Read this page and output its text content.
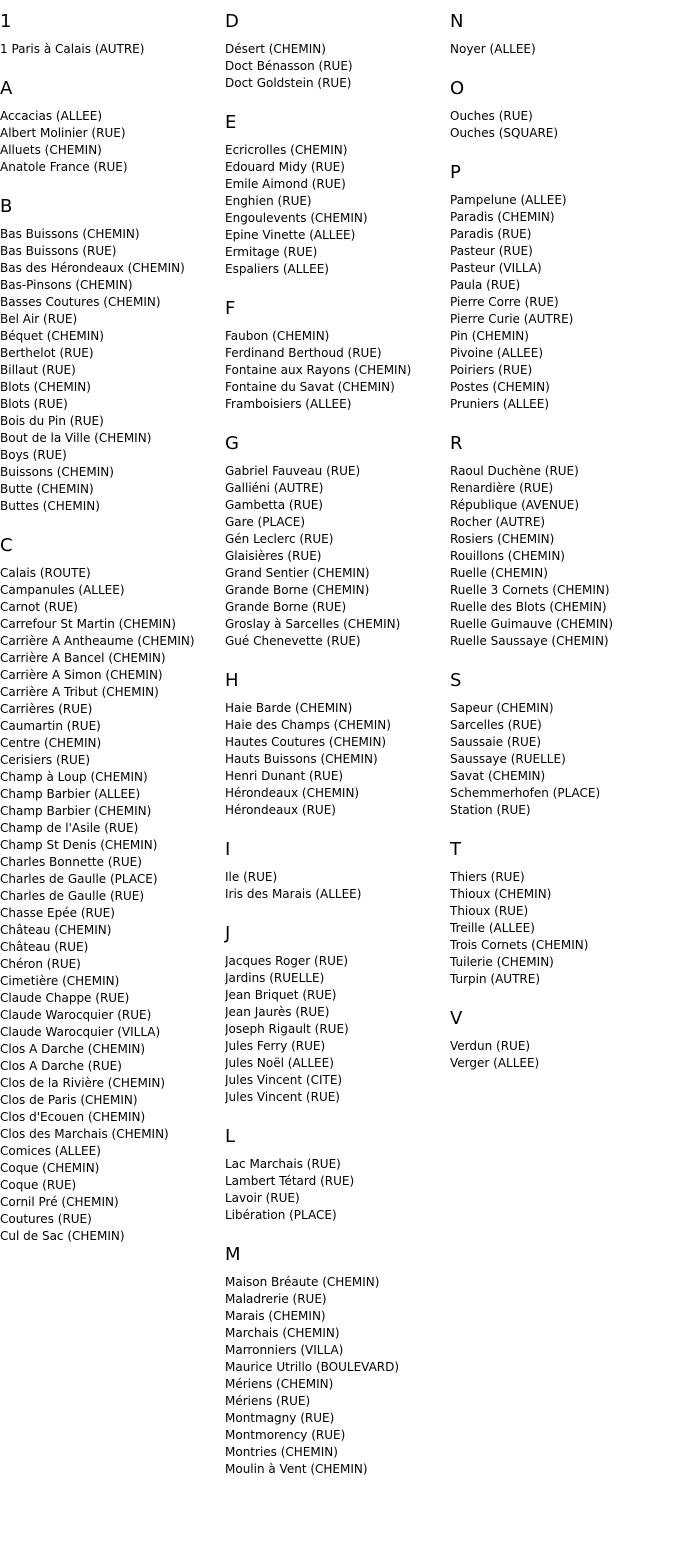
1
1 Paris à Calais (AUTRE)
A
Accacias (ALLEE)
Albert Molinier (RUE)
Alluets (CHEMIN)
Anatole France (RUE)
B
Bas Buissons (CHEMIN)
Bas Buissons (RUE)
Bas des Hérondeaux (CHEMIN)
Bas-Pinsons (CHEMIN)
Basses Coutures (CHEMIN)
Bel Air (RUE)
Béquet (CHEMIN)
Berthelot (RUE)
Billaut (RUE)
Blots (CHEMIN)
Blots (RUE)
Bois du Pin (RUE)
Bout de la Ville (CHEMIN)
Boys (RUE)
Buissons (CHEMIN)
Butte (CHEMIN)
Buttes (CHEMIN)
C
Calais (ROUTE)
Campanules (ALLEE)
Carnot (RUE)
Carrefour St Martin (CHEMIN)
Carrière A Antheaume (CHEMIN)
Carrière A Bancel (CHEMIN)
Carrière A Simon (CHEMIN)
Carrière A Tribut (CHEMIN)
Carrières (RUE)
Caumartin (RUE)
Centre (CHEMIN)
Cerisiers (RUE)
Champ à Loup (CHEMIN)
Champ Barbier (ALLEE)
Champ Barbier (CHEMIN)
Champ de l'Asile (RUE)
Champ St Denis (CHEMIN)
Charles Bonnette (RUE)
Charles de Gaulle (PLACE)
Charles de Gaulle (RUE)
Chasse Epée (RUE)
Château (CHEMIN)
Château (RUE)
Chéron (RUE)
Cimetière (CHEMIN)
Claude Chappe (RUE)
Claude Warocquier (RUE)
Claude Warocquier (VILLA)
Clos A Darche (CHEMIN)
Clos A Darche (RUE)
Clos de la Rivière (CHEMIN)
Clos de Paris (CHEMIN)
Clos d'Ecouen (CHEMIN)
Clos des Marchais (CHEMIN)
Comices (ALLEE)
Coque (CHEMIN)
Coque (RUE)
Cornil Pré (CHEMIN)
Coutures (RUE)
Cul de Sac (CHEMIN)
D
Désert (CHEMIN)
Doct Bénasson (RUE)
Doct Goldstein (RUE)
E
Ecricrolles (CHEMIN)
Edouard Midy (RUE)
Emile Aimond (RUE)
Enghien (RUE)
Engoulevents (CHEMIN)
Epine Vinette (ALLEE)
Ermitage (RUE)
Espaliers (ALLEE)
F
Faubon (CHEMIN)
Ferdinand Berthoud (RUE)
Fontaine aux Rayons (CHEMIN)
Fontaine du Savat (CHEMIN)
Framboisiers (ALLEE)
G
Gabriel Fauveau (RUE)
Galliéni (AUTRE)
Gambetta (RUE)
Gare (PLACE)
Gén Leclerc (RUE)
Glaisières (RUE)
Grand Sentier (CHEMIN)
Grande Borne (CHEMIN)
Grande Borne (RUE)
Groslay à Sarcelles (CHEMIN)
Gué Chenevette (RUE)
H
Haie Barde (CHEMIN)
Haie des Champs (CHEMIN)
Hautes Coutures (CHEMIN)
Hauts Buissons (CHEMIN)
Henri Dunant (RUE)
Hérondeaux (CHEMIN)
Hérondeaux (RUE)
I
Ile (RUE)
Iris des Marais (ALLEE)
J
Jacques Roger (RUE)
Jardins (RUELLE)
Jean Briquet (RUE)
Jean Jaurès (RUE)
Joseph Rigault (RUE)
Jules Ferry (RUE)
Jules Noël (ALLEE)
Jules Vincent (CITE)
Jules Vincent (RUE)
L
Lac Marchais (RUE)
Lambert Tétard (RUE)
Lavoir (RUE)
Libération (PLACE)
M
Maison Bréaute (CHEMIN)
Maladrerie (RUE)
Marais (CHEMIN)
Marchais (CHEMIN)
Marronniers (VILLA)
Maurice Utrillo (BOULEVARD)
Mériens (CHEMIN)
Mériens (RUE)
Montmagny (RUE)
Montmorency (RUE)
Montries (CHEMIN)
Moulin à Vent (CHEMIN)
N
Noyer (ALLEE)
O
Ouches (RUE)
Ouches (SQUARE)
P
Pampelune (ALLEE)
Paradis (CHEMIN)
Paradis (RUE)
Pasteur (RUE)
Pasteur (VILLA)
Paula (RUE)
Pierre Corre (RUE)
Pierre Curie (AUTRE)
Pin (CHEMIN)
Pivoine (ALLEE)
Poiriers (RUE)
Postes (CHEMIN)
Pruniers (ALLEE)
R
Raoul Duchène (RUE)
Renardière (RUE)
République (AVENUE)
Rocher (AUTRE)
Rosiers (CHEMIN)
Rouillons (CHEMIN)
Ruelle (CHEMIN)
Ruelle 3 Cornets (CHEMIN)
Ruelle des Blots (CHEMIN)
Ruelle Guimauve (CHEMIN)
Ruelle Saussaye (CHEMIN)
S
Sapeur (CHEMIN)
Sarcelles (RUE)
Saussaie (RUE)
Saussaye (RUELLE)
Savat (CHEMIN)
Schemmerhofen (PLACE)
Station (RUE)
T
Thiers (RUE)
Thioux (CHEMIN)
Thioux (RUE)
Treille (ALLEE)
Trois Cornets (CHEMIN)
Tuilerie (CHEMIN)
Turpin (AUTRE)
V
Verdun (RUE)
Verger (ALLEE)
